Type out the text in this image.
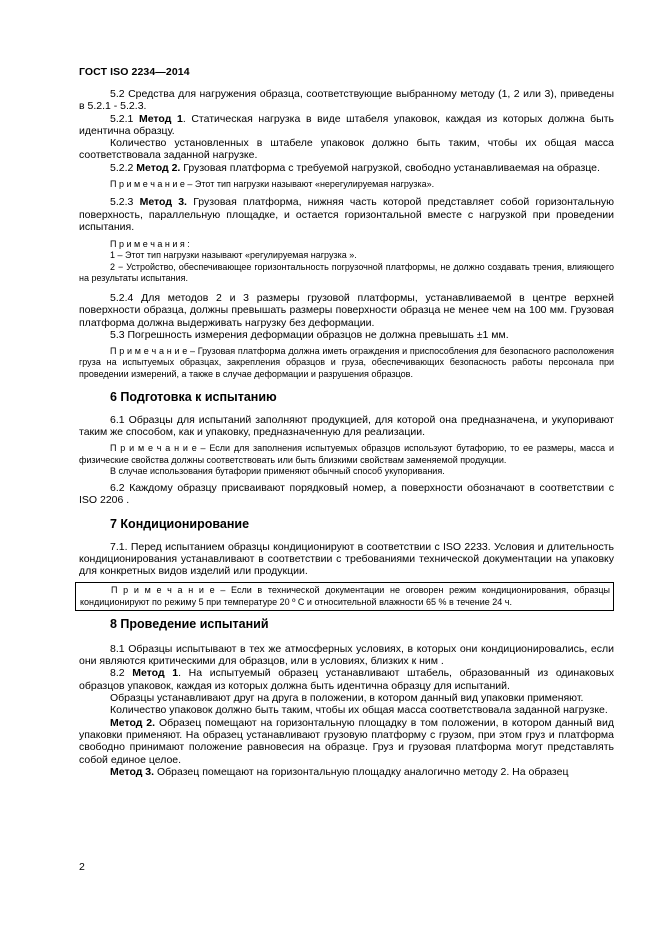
ГОСТ ISO 2234—2014

5.2 Средства для нагружения образца, соответствующие выбранному методу (1, 2 или 3), приведены в 5.2.1 - 5.2.3.

5.2.1 Метод 1. Статическая нагрузка в виде штабеля упаковок, каждая из которых должна быть идентична образцу.

Количество установленных в штабеле упаковок должно быть таким, чтобы их общая масса соответствовала заданной нагрузке.

5.2.2 Метод 2. Грузовая платформа с требуемой нагрузкой, свободно устанавливаемая на образце.

П р и м е ч а н и е – Этот тип нагрузки называют «нерегулируемая нагрузка».

5.2.3 Метод 3. Грузовая платформа, нижняя часть которой представляет собой горизонтальную поверхность, параллельную площадке, и остается горизонтальной вместе с нагрузкой при проведении испытания.

П р и м е ч а н и я :

1 – Этот тип нагрузки называют «регулируемая нагрузка ».

2 − Устройство, обеспечивающее горизонтальность погрузочной платформы, не должно создавать трения, влияющего на результаты испытания.

5.2.4 Для методов 2 и 3 размеры грузовой платформы, устанавливаемой в центре верхней поверхности образца, должны превышать размеры поверхности образца не менее чем на 100 мм. Грузовая платформа должна выдерживать нагрузку без деформации.

5.3 Погрешность измерения деформации образцов не должна превышать ±1 мм.

П р и м е ч а н и е – Грузовая платформа должна иметь ограждения и приспособления для безопасного расположения груза на испытуемых образцах, закрепления образцов и груза, обеспечивающих безопасность работы персонала при проведении измерений, а также в случае деформации и разрушения образцов.

6 Подготовка к испытанию

6.1 Образцы для испытаний заполняют продукцией, для которой она предназначена, и укупоривают таким же способом, как и упаковку, предназначенную для реализации.

П р и м е ч а н и е – Если для заполнения испытуемых образцов используют бутафорию, то ее размеры, масса и физические свойства должны соответствовать или быть близкими свойствам заменяемой продукции.

В случае использования бутафории применяют обычный способ укупоривания.

6.2 Каждому образцу присваивают порядковый номер, а поверхности обозначают в соответствии с ISO 2206 .

7 Кондиционирование

7.1. Перед испытанием образцы кондиционируют в соответствии с ISO 2233. Условия и длительность кондиционирования устанавливают в соответствии с требованиями технической документации на упаковку для конкретных видов изделий или продукции.

П р и м е ч а н и е – Если в технической документации не оговорен режим кондиционирования, образцы кондиционируют по режиму 5 при температуре 20 º С и относительной влажности 65 % в течение 24 ч.

8 Проведение испытаний

8.1 Образцы испытывают в тех же атмосферных условиях, в которых они кондиционировались, если они являются критическими для образцов, или в условиях, близких к ним .

8.2 Метод 1. На испытуемый образец устанавливают штабель, образованный из одинаковых образцов упаковок, каждая из которых должна быть идентична образцу для испытаний.

Образцы устанавливают друг на друга в положении, в котором данный вид упаковки применяют.

Количество упаковок должно быть таким, чтобы их общая масса соответствовала заданной нагрузке.

Метод 2. Образец помещают на горизонтальную площадку в том положении, в котором данный вид упаковки применяют. На образец устанавливают грузовую платформу с грузом, при этом груз и платформа свободно принимают положение равновесия на образце. Груз и грузовая платформа могут представлять собой единое целое.

Метод 3. Образец помещают на горизонтальную площадку аналогично методу 2. На образец

2
